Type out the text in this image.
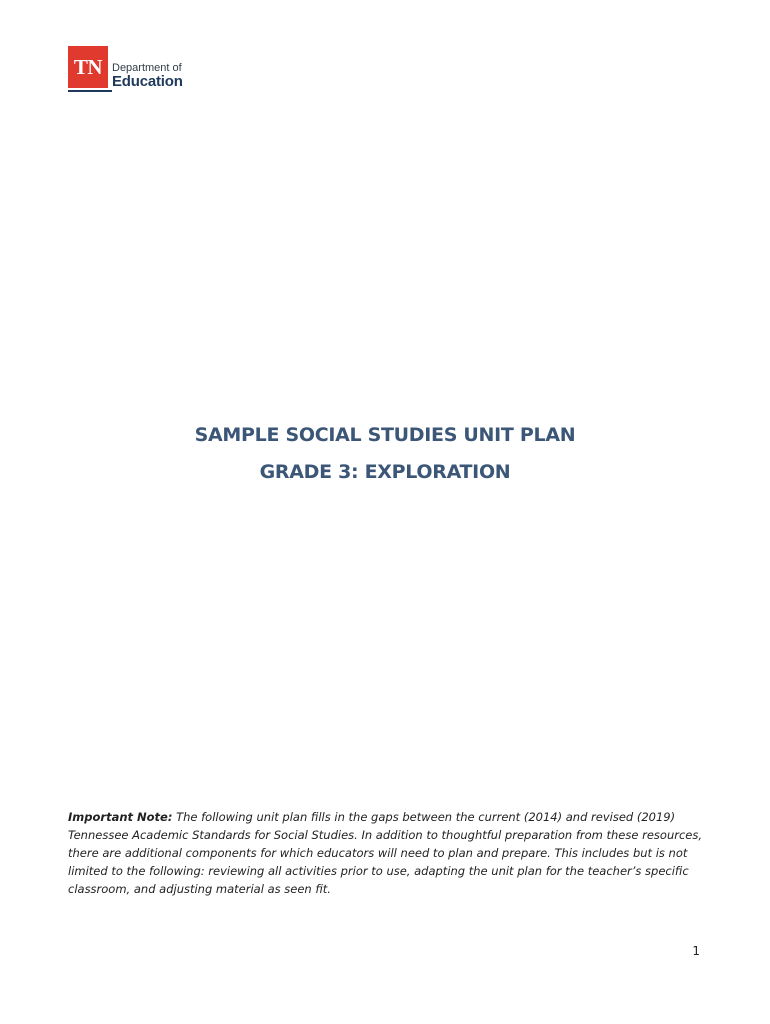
TN Department of
Education

SAMPLE SOCIAL STUDIES UNIT PLAN

GRADE 3: EXPLORATION

Important Note: The following unit plan fills in the gaps between the current (2014) and revised (2019) Tennessee Academic Standards for Social Studies. In addition to thoughtful preparation from these resources, there are additional components for which educators will need to plan and prepare. This includes but is not limited to the following: reviewing all activities prior to use, adapting the unit plan for the teacher’s specific classroom, and adjusting material as seen fit.

1
